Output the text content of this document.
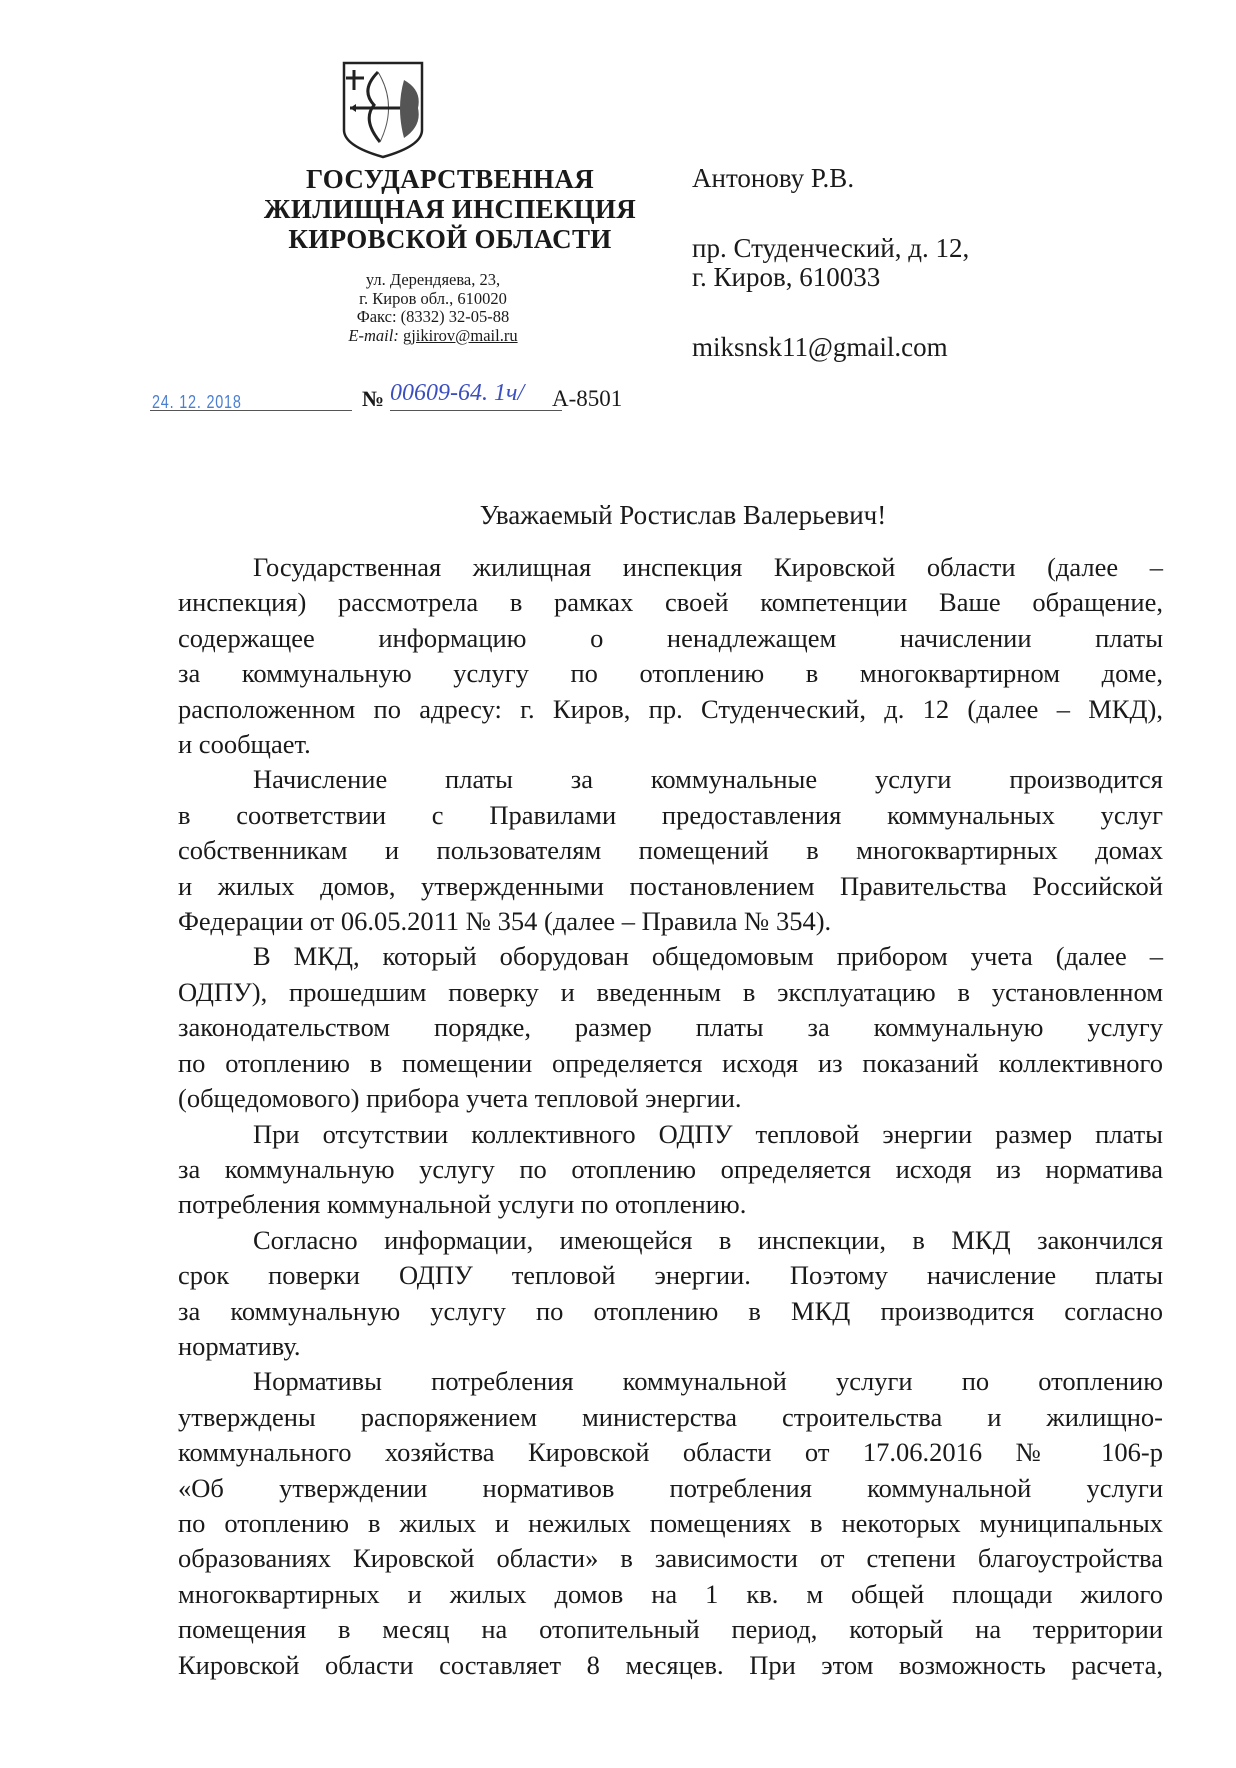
ГОСУДАРСТВЕННАЯ
ЖИЛИЩНАЯ ИНСПЕКЦИЯ
КИРОВСКОЙ ОБЛАСТИ
ул. Дерендяева, 23,
г. Киров обл., 610020
Факс: (8332) 32-05-88
E-mail: gjikirov@mail.ru
24. 12. 2018	№ 00609-64. 1ч/ А-8501
Антонову Р.В.
пр. Студенческий, д. 12,
г. Киров, 610033
miksnsk11@gmail.com
Уважаемый Ростислав Валерьевич!
Государственная жилищная инспекция Кировской области (далее –
инспекция) рассмотрела в рамках своей компетенции Ваше обращение,
содержащее информацию о ненадлежащем начислении платы
за коммунальную услугу по отоплению в многоквартирном доме,
расположенном по адресу: г. Киров, пр. Студенческий, д. 12 (далее – МКД),
и сообщает.
Начисление платы за коммунальные услуги производится
в соответствии с Правилами предоставления коммунальных услуг
собственникам и пользователям помещений в многоквартирных домах
и жилых домов, утвержденными постановлением Правительства Российской
Федерации от 06.05.2011 № 354 (далее – Правила № 354).
В МКД, который оборудован общедомовым прибором учета (далее –
ОДПУ), прошедшим поверку и введенным в эксплуатацию в установленном
законодательством порядке, размер платы за коммунальную услугу
по отоплению в помещении определяется исходя из показаний коллективного
(общедомового) прибора учета тепловой энергии.
При отсутствии коллективного ОДПУ тепловой энергии размер платы
за коммунальную услугу по отоплению определяется исходя из норматива
потребления коммунальной услуги по отоплению.
Согласно информации, имеющейся в инспекции, в МКД закончился
срок поверки ОДПУ тепловой энергии. Поэтому начисление платы
за коммунальную услугу по отоплению в МКД производится согласно
нормативу.
Нормативы потребления коммунальной услуги по отоплению
утверждены распоряжением министерства строительства и жилищно-
коммунального хозяйства Кировской области от 17.06.2016 № 106-р
«Об утверждении нормативов потребления коммунальной услуги
по отоплению в жилых и нежилых помещениях в некоторых муниципальных
образованиях Кировской области» в зависимости от степени благоустройства
многоквартирных и жилых домов на 1 кв. м общей площади жилого
помещения в месяц на отопительный период, который на территории
Кировской области составляет 8 месяцев. При этом возможность расчета,
